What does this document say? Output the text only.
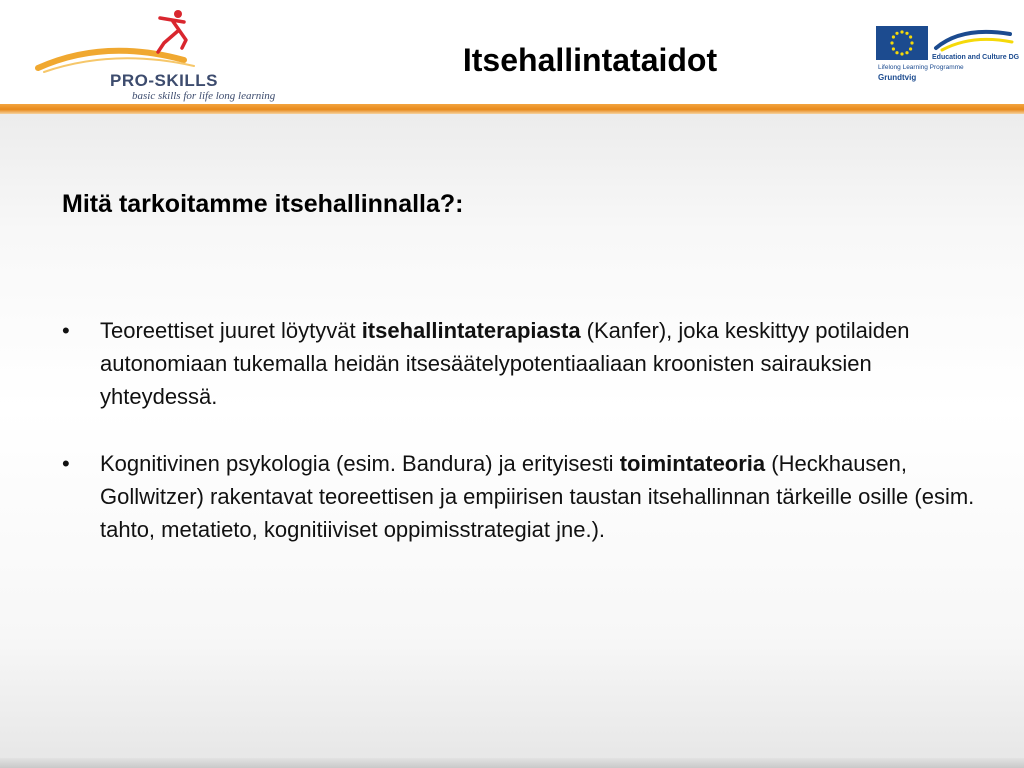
PRO-SKILLS
basic skills for life long learning
Itsehallintataidot	Education and Culture DG
Lifelong Learning Programme
Grundtvig
Mitä tarkoitamme itsehallinnalla?:
• Teoreettiset juuret löytyvät itsehallintaterapiasta (Kanfer), joka keskittyy potilaiden autonomiaan tukemalla heidän itsesäätelypotentiaaliaan kroonisten sairauksien yhteydessä.
• Kognitivinen psykologia (esim. Bandura) ja erityisesti toimintateoria (Heckhausen, Gollwitzer) rakentavat teoreettisen ja empiirisen taustan itsehallinnan tärkeille osille (esim. tahto, metatieto, kognitiiviset oppimisstrategiat jne.).
